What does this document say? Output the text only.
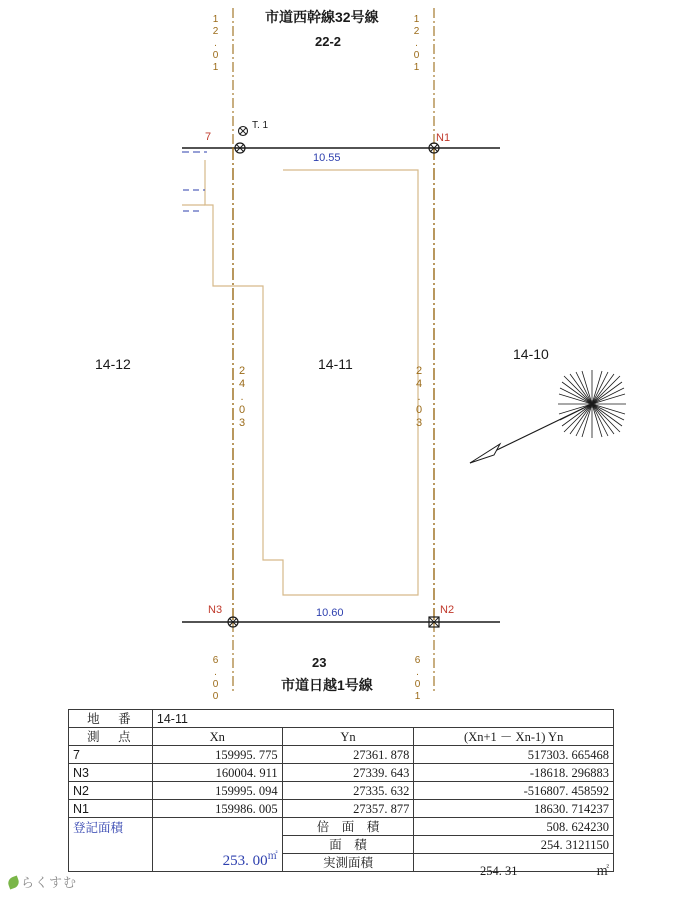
市道西幹線32号線
22-2
12.01	12.01
7
T. 1
N1
10.55
24.03	24.03
14-12	14-11
14-10
N3	N2
10.60
6.00	6.01
23
市道日越1号線
地　番	14-11		
測　点	Xn	Yn	(Xn+1 － Xn-1) Yn
7	159995. 775	27361. 878	517303. 665468
N3	160004. 911	27339. 643	-18618. 296883
N2	159995. 094	27335. 632	-516807. 458592
N1	159986. 005	27357. 877	18630. 714237

登記面積	253. 00㎡	倍　面　積	508. 624230
		面　積	254. 3121150
		実測面積	254. 31 ㎡
らくすむ
